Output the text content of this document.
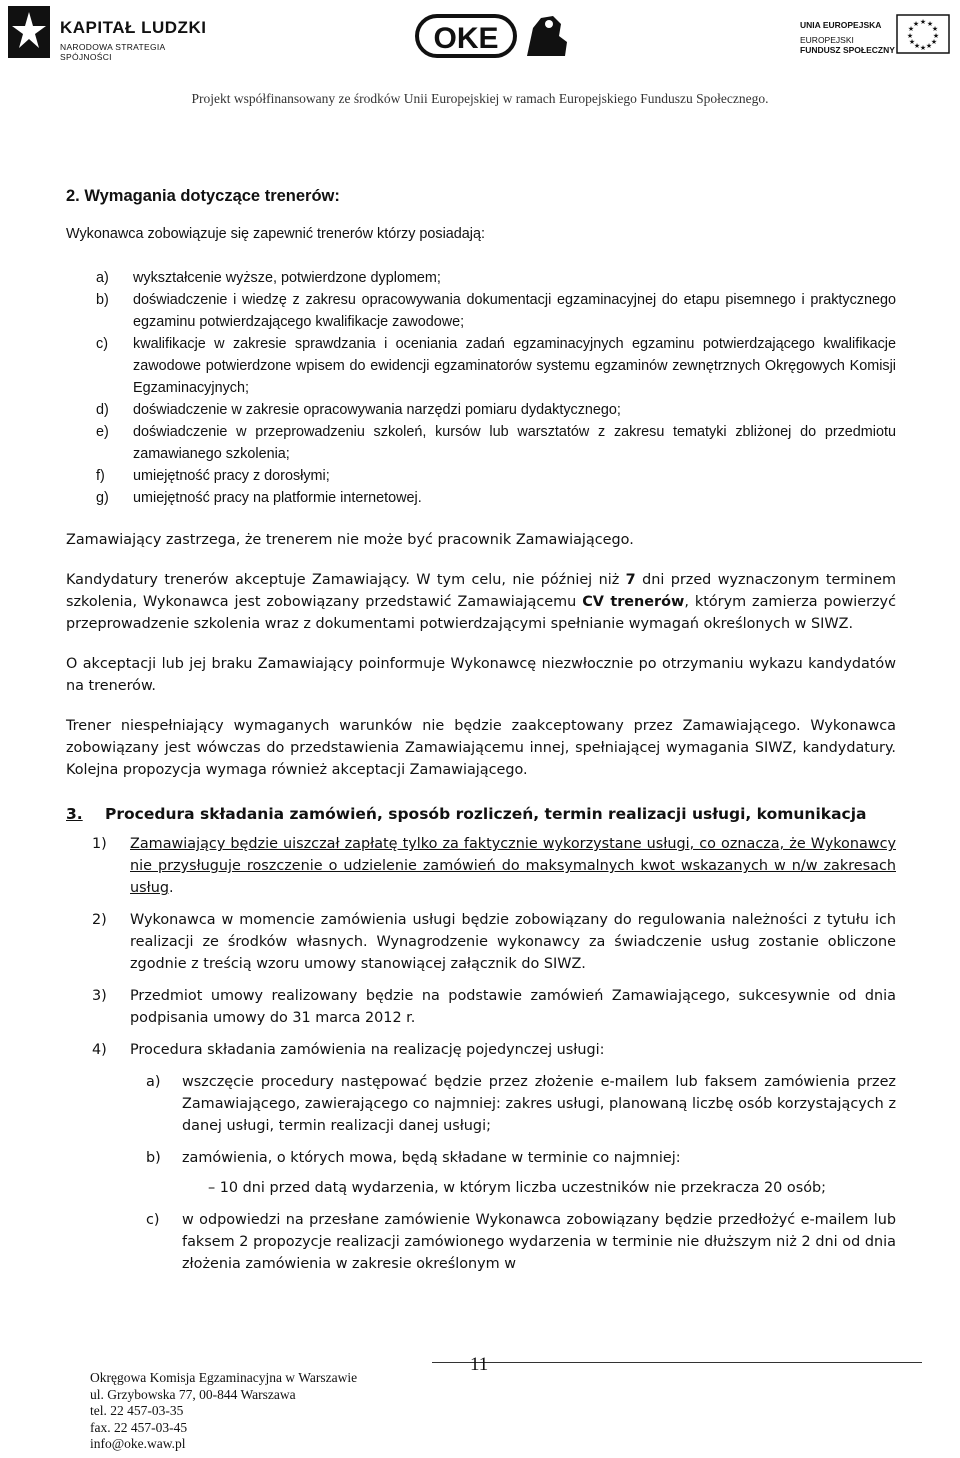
KAPITAŁ LUDZKI
NARODOWA STRATEGIA SPÓJNOŚCI
OKE	UNIA EUROPEJSKA
EUROPEJSKI
FUNDUSZ SPOŁECZNY
★ ★
★
★
★
★
★
★
★
★
★
★
Projekt współfinansowany ze środków Unii Europejskiej w ramach Europejskiego Funduszu Społecznego.
2. Wymagania dotyczące trenerów:

Wykonawca zobowiązuje się zapewnić trenerów którzy posiadają:

a) wykształcenie wyższe, potwierdzone dyplomem;
b) doświadczenie i wiedzę z zakresu opracowywania dokumentacji egzaminacyjnej do etapu pisemnego i praktycznego egzaminu potwierdzającego kwalifikacje zawodowe;
c) kwalifikacje w zakresie sprawdzania i oceniania zadań egzaminacyjnych egzaminu potwierdzającego kwalifikacje zawodowe potwierdzone wpisem do ewidencji egzaminatorów systemu egzaminów zewnętrznych Okręgowych Komisji Egzaminacyjnych;
d) doświadczenie w zakresie opracowywania narzędzi pomiaru dydaktycznego;
e) doświadczenie w przeprowadzeniu szkoleń, kursów lub warsztatów z zakresu tematyki zbliżonej do przedmiotu zamawianego szkolenia;
f) umiejętność pracy z dorosłymi;
g) umiejętność pracy na platformie internetowej.

Zamawiający zastrzega, że trenerem nie może być pracownik Zamawiającego.

Kandydatury trenerów akceptuje Zamawiający. W tym celu, nie później niż 7 dni przed wyznaczonym terminem szkolenia, Wykonawca jest zobowiązany przedstawić Zamawiającemu CV trenerów, którym zamierza powierzyć przeprowadzenie szkolenia wraz z dokumentami potwierdzającymi spełnianie wymagań określonych w SIWZ.

O akceptacji lub jej braku Zamawiający poinformuje Wykonawcę niezwłocznie po otrzymaniu wykazu kandydatów na trenerów.

Trener niespełniający wymaganych warunków nie będzie zaakceptowany przez Zamawiającego. Wykonawca zobowiązany jest wówczas do przedstawienia Zamawiającemu innej, spełniającej wymagania SIWZ, kandydatury. Kolejna propozycja wymaga również akceptacji Zamawiającego.

3. Procedura składania zamówień, sposób rozliczeń, termin realizacji usługi, komunikacja
1) Zamawiający będzie uiszczał zapłatę tylko za faktycznie wykorzystane usługi, co oznacza, że Wykonawcy nie przysługuje roszczenie o udzielenie zamówień do maksymalnych kwot wskazanych w n/w zakresach usług.
2) Wykonawca w momencie zamówienia usługi będzie zobowiązany do regulowania należności z tytułu ich realizacji ze środków własnych. Wynagrodzenie wykonawcy za świadczenie usług zostanie obliczone zgodnie z treścią wzoru umowy stanowiącej załącznik do SIWZ.
3) Przedmiot umowy realizowany będzie na podstawie zamówień Zamawiającego, sukcesywnie od dnia podpisania umowy do 31 marca 2012 r.
4) Procedura składania zamówienia na realizację pojedynczej usługi:
a) wszczęcie procedury następować będzie przez złożenie e-mailem lub faksem zamówienia przez Zamawiającego, zawierającego co najmniej: zakres usługi, planowaną liczbę osób korzystających z danej usługi, termin realizacji danej usługi;
b) zamówienia, o których mowa, będą składane w terminie co najmniej:

– 10 dni przed datą wydarzenia, w którym liczba uczestników nie przekracza 20 osób;

c) w odpowiedzi na przesłane zamówienie Wykonawca zobowiązany będzie przedłożyć e-mailem lub faksem 2 propozycje realizacji zamówionego wydarzenia w terminie nie dłuższym niż 2 dni od dnia złożenia zamówienia w zakresie określonym w
11
Okręgowa Komisja Egzaminacyjna w Warszawie
ul. Grzybowska 77, 00-844 Warszawa
tel. 22 457-03-35
fax. 22 457-03-45
info@oke.waw.pl
